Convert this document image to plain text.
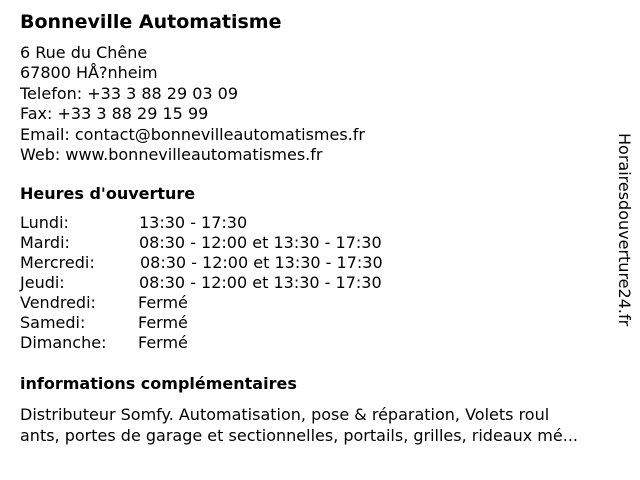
Bonneville Automatisme
6 Rue du Chêne
67800 HÅ?nheim
Telefon: +33 3 88 29 03 09
Fax: +33 3 88 29 15 99
Email: contact@bonnevilleautomatismes.fr
Web: www.bonnevilleautomatismes.fr
Heures d'ouverture
Lundi:	13:30 - 17:30
Mardi:	08:30 - 12:00 et 13:30 - 17:30
Mercredi:	08:30 - 12:00 et 13:30 - 17:30
Jeudi:	08:30 - 12:00 et 13:30 - 17:30
Vendredi:	Fermé
Samedi:	Fermé
Dimanche: Fermé
informations complémentaires
Distributeur Somfy. Automatisation, pose & réparation, Volets roul
ants, portes de garage et sectionnelles, portails, grilles, rideaux mé...
Horairesdouverture24.fr
